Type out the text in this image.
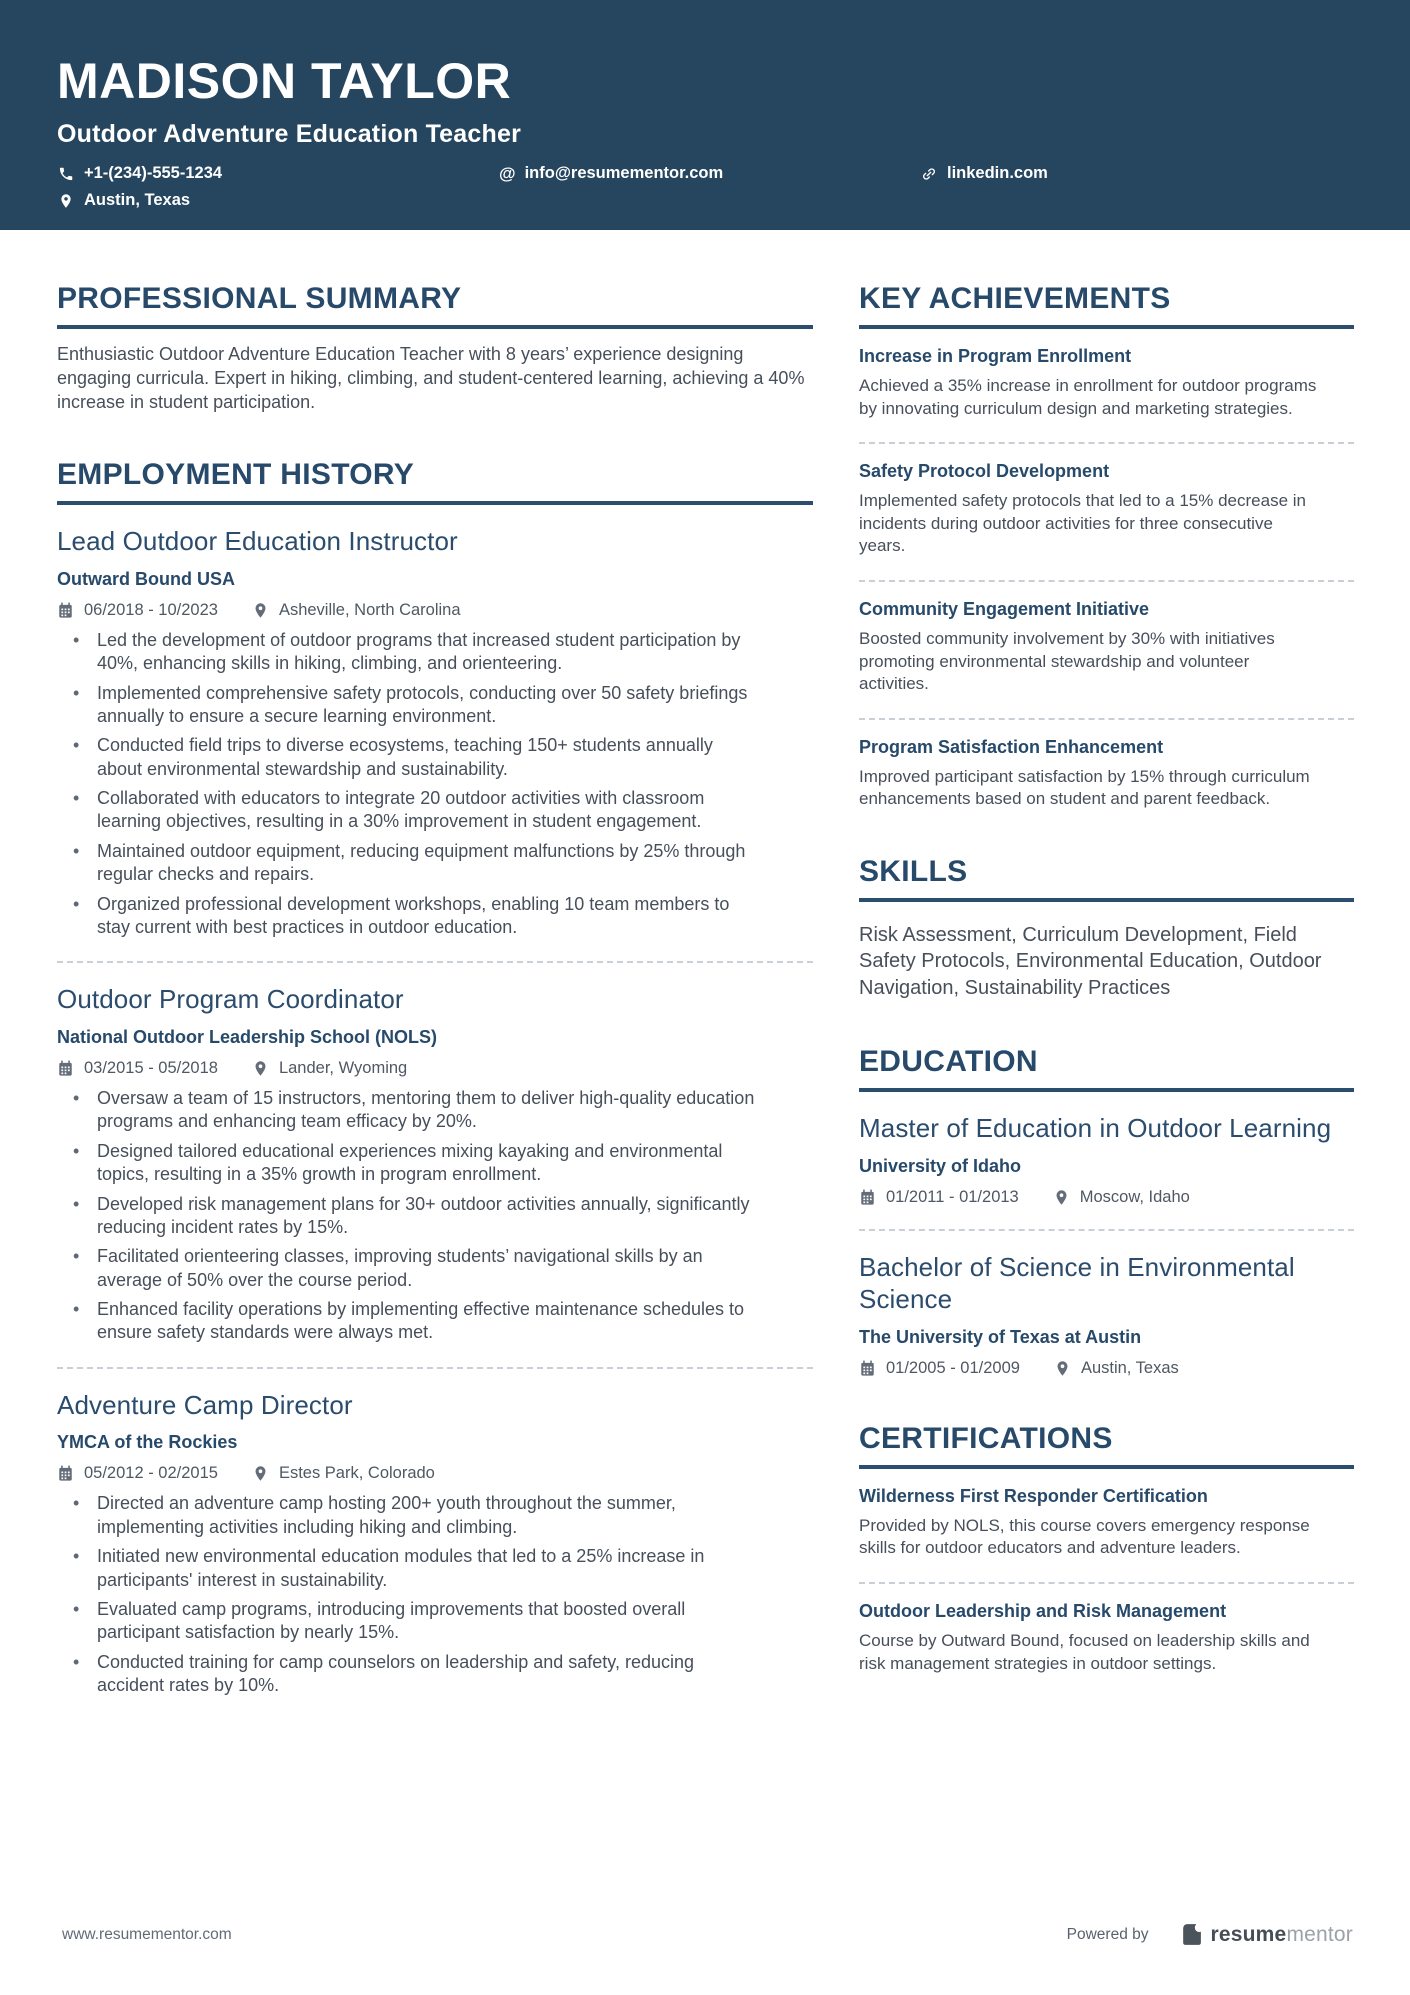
MADISON TAYLOR
Outdoor Adventure Education Teacher
+1-(234)-555-1234	@ info@resumementor.com	linkedin.com
Austin, Texas
PROFESSIONAL SUMMARY

Enthusiastic Outdoor Adventure Education Teacher with 8 years’ experience designing engaging curricula. Expert in hiking, climbing, and student-centered learning, achieving a 40% increase in student participation.

EMPLOYMENT HISTORY
Lead Outdoor Education Instructor
Outward Bound USA
06/2018 - 10/2023	Asheville, North Carolina
• Led the development of outdoor programs that increased student participation by 40%, enhancing skills in hiking, climbing, and orienteering.
• Implemented comprehensive safety protocols, conducting over 50 safety briefings annually to ensure a secure learning environment.
• Conducted field trips to diverse ecosystems, teaching 150+ students annually about environmental stewardship and sustainability.
• Collaborated with educators to integrate 20 outdoor activities with classroom learning objectives, resulting in a 30% improvement in student engagement.
• Maintained outdoor equipment, reducing equipment malfunctions by 25% through regular checks and repairs.
• Organized professional development workshops, enabling 10 team members to stay current with best practices in outdoor education.
Outdoor Program Coordinator
National Outdoor Leadership School (NOLS)
03/2015 - 05/2018	Lander, Wyoming
• Oversaw a team of 15 instructors, mentoring them to deliver high-quality education programs and enhancing team efficacy by 20%.
• Designed tailored educational experiences mixing kayaking and environmental topics, resulting in a 35% growth in program enrollment.
• Developed risk management plans for 30+ outdoor activities annually, significantly reducing incident rates by 15%.
• Facilitated orienteering classes, improving students’ navigational skills by an average of 50% over the course period.
• Enhanced facility operations by implementing effective maintenance schedules to ensure safety standards were always met.
Adventure Camp Director
YMCA of the Rockies
05/2012 - 02/2015	Estes Park, Colorado
• Directed an adventure camp hosting 200+ youth throughout the summer, implementing activities including hiking and climbing.
• Initiated new environmental education modules that led to a 25% increase in participants' interest in sustainability.
• Evaluated camp programs, introducing improvements that boosted overall participant satisfaction by nearly 15%.
• Conducted training for camp counselors on leadership and safety, reducing accident rates by 10%.
KEY ACHIEVEMENTS
Increase in Program Enrollment

Achieved a 35% increase in enrollment for outdoor programs by innovating curriculum design and marketing strategies.

Safety Protocol Development

Implemented safety protocols that led to a 15% decrease in incidents during outdoor activities for three consecutive years.

Community Engagement Initiative

Boosted community involvement by 30% with initiatives promoting environmental stewardship and volunteer activities.

Program Satisfaction Enhancement

Improved participant satisfaction by 15% through curriculum enhancements based on student and parent feedback.

SKILLS

Risk Assessment, Curriculum Development, Field Safety Protocols, Environmental Education, Outdoor Navigation, Sustainability Practices

EDUCATION
Master of Education in Outdoor Learning
University of Idaho
01/2011 - 01/2013	Moscow, Idaho
Bachelor of Science in Environmental Science
The University of Texas at Austin
01/2005 - 01/2009	Austin, Texas
CERTIFICATIONS
Wilderness First Responder Certification

Provided by NOLS, this course covers emergency response skills for outdoor educators and adventure leaders.

Outdoor Leadership and Risk Management

Course by Outward Bound, focused on leadership skills and risk management strategies in outdoor settings.

www.resumementor.com	Powered by	resumementor
